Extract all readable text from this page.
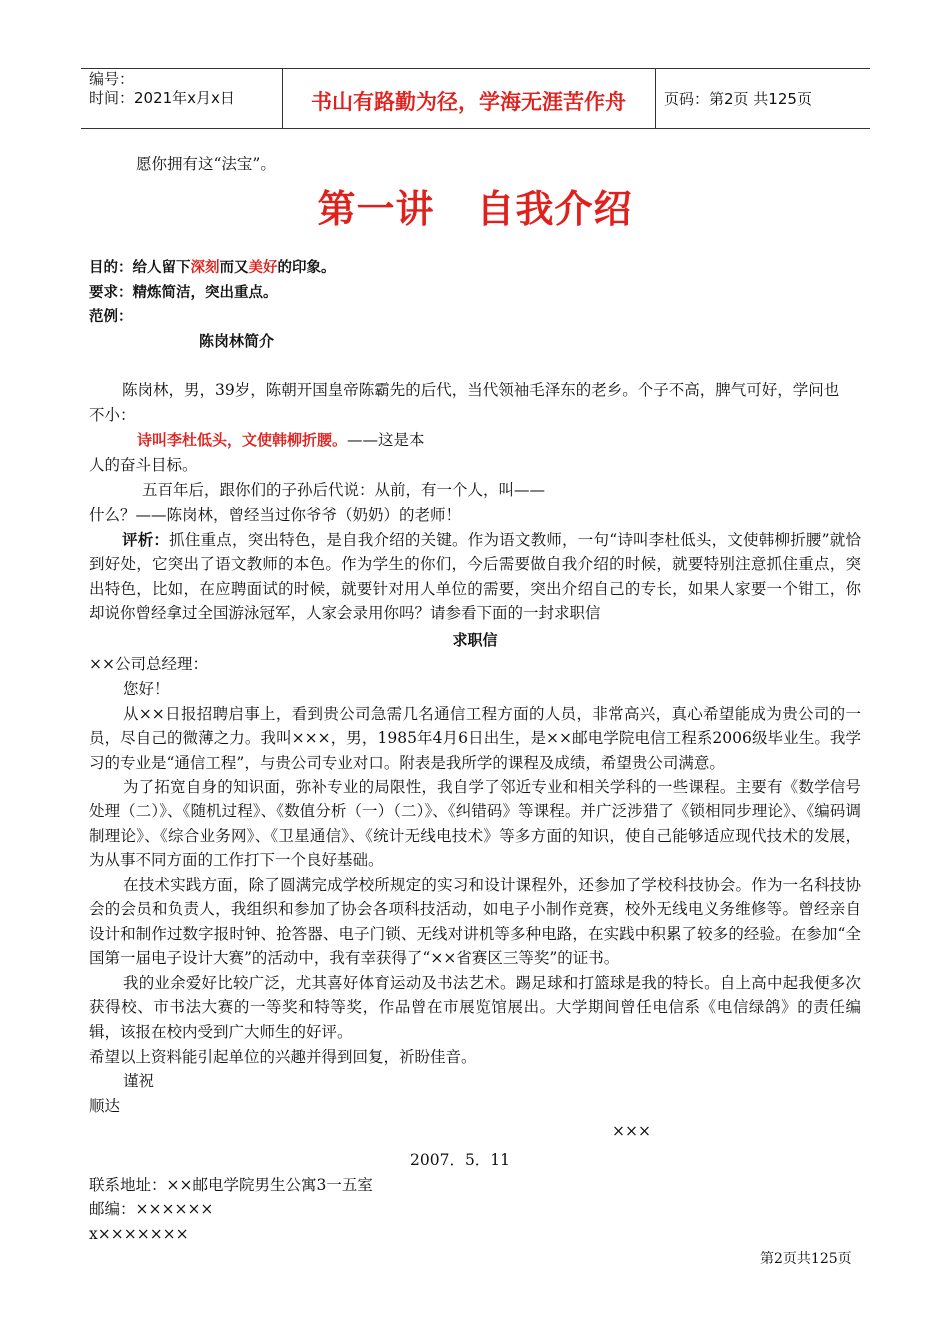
编号：
时间：2021年x月x日	书山有路勤为径，学海无涯苦作舟	页码：第2页 共125页
愿你拥有这“法宝”。
第一讲 自我介绍
目的：给人留下深刻而又美好的印象。
要求：精炼简洁，突出重点。
范例：
陈岗林简介
陈岗林，男，39岁，陈朝开国皇帝陈霸先的后代，当代领袖毛泽东的老乡。个子不高，脾气可好，学问也
不小：
诗叫李杜低头，文使韩柳折腰。——这是本
人的奋斗目标。
五百年后，跟你们的子孙后代说：从前，有一个人，叫——
什么？——陈岗林，曾经当过你爷爷（奶奶）的老师！
评析：抓住重点，突出特色，是自我介绍的关键。作为语文教师，一句“诗叫李杜低头，文使韩柳折腰”就恰到好处，它突出了语文教师的本色。作为学生的你们，今后需要做自我介绍的时候，就要特别注意抓住重点，突出特色，比如，在应聘面试的时候，就要针对用人单位的需要，突出介绍自己的专长，如果人家要一个钳工，你却说你曾经拿过全国游泳冠军，人家会录用你吗？请参看下面的一封求职信
求职信
××公司总经理：
您好！
从××日报招聘启事上，看到贵公司急需几名通信工程方面的人员，非常高兴，真心希望能成为贵公司的一员，尽自己的微薄之力。我叫×××，男，1985年4月6日出生，是××邮电学院电信工程系2006级毕业生。我学习的专业是“通信工程”，与贵公司专业对口。附表是我所学的课程及成绩，希望贵公司满意。
为了拓宽自身的知识面，弥补专业的局限性，我自学了邻近专业和相关学科的一些课程。主要有《数学信号处理（二）》、《随机过程》、《数值分析（一）（二）》、《纠错码》等课程。并广泛涉猎了《锁相同步理论》、《编码调制理论》、《综合业务网》、《卫星通信》、《统计无线电技术》等多方面的知识，使自己能够适应现代技术的发展，为从事不同方面的工作打下一个良好基础。
在技术实践方面，除了圆满完成学校所规定的实习和设计课程外，还参加了学校科技协会。作为一名科技协会的会员和负责人，我组织和参加了协会各项科技活动，如电子小制作竞赛，校外无线电义务维修等。曾经亲自设计和制作过数字报时钟、抢答器、电子门锁、无线对讲机等多种电路，在实践中积累了较多的经验。在参加“全国第一届电子设计大赛”的活动中，我有幸获得了“××省赛区三等奖”的证书。
我的业余爱好比较广泛，尤其喜好体育运动及书法艺术。踢足球和打篮球是我的特长。自上高中起我便多次获得校、市书法大赛的一等奖和特等奖，作品曾在市展览馆展出。大学期间曾任电信系《电信绿鸽》的责任编辑，该报在校内受到广大师生的好评。
希望以上资料能引起单位的兴趣并得到回复，祈盼佳音。
谨祝
顺达
×××
2007．5．11
联系地址：××邮电学院男生公寓3一五室
邮编：××××××
x×××××××
第2页共125页
